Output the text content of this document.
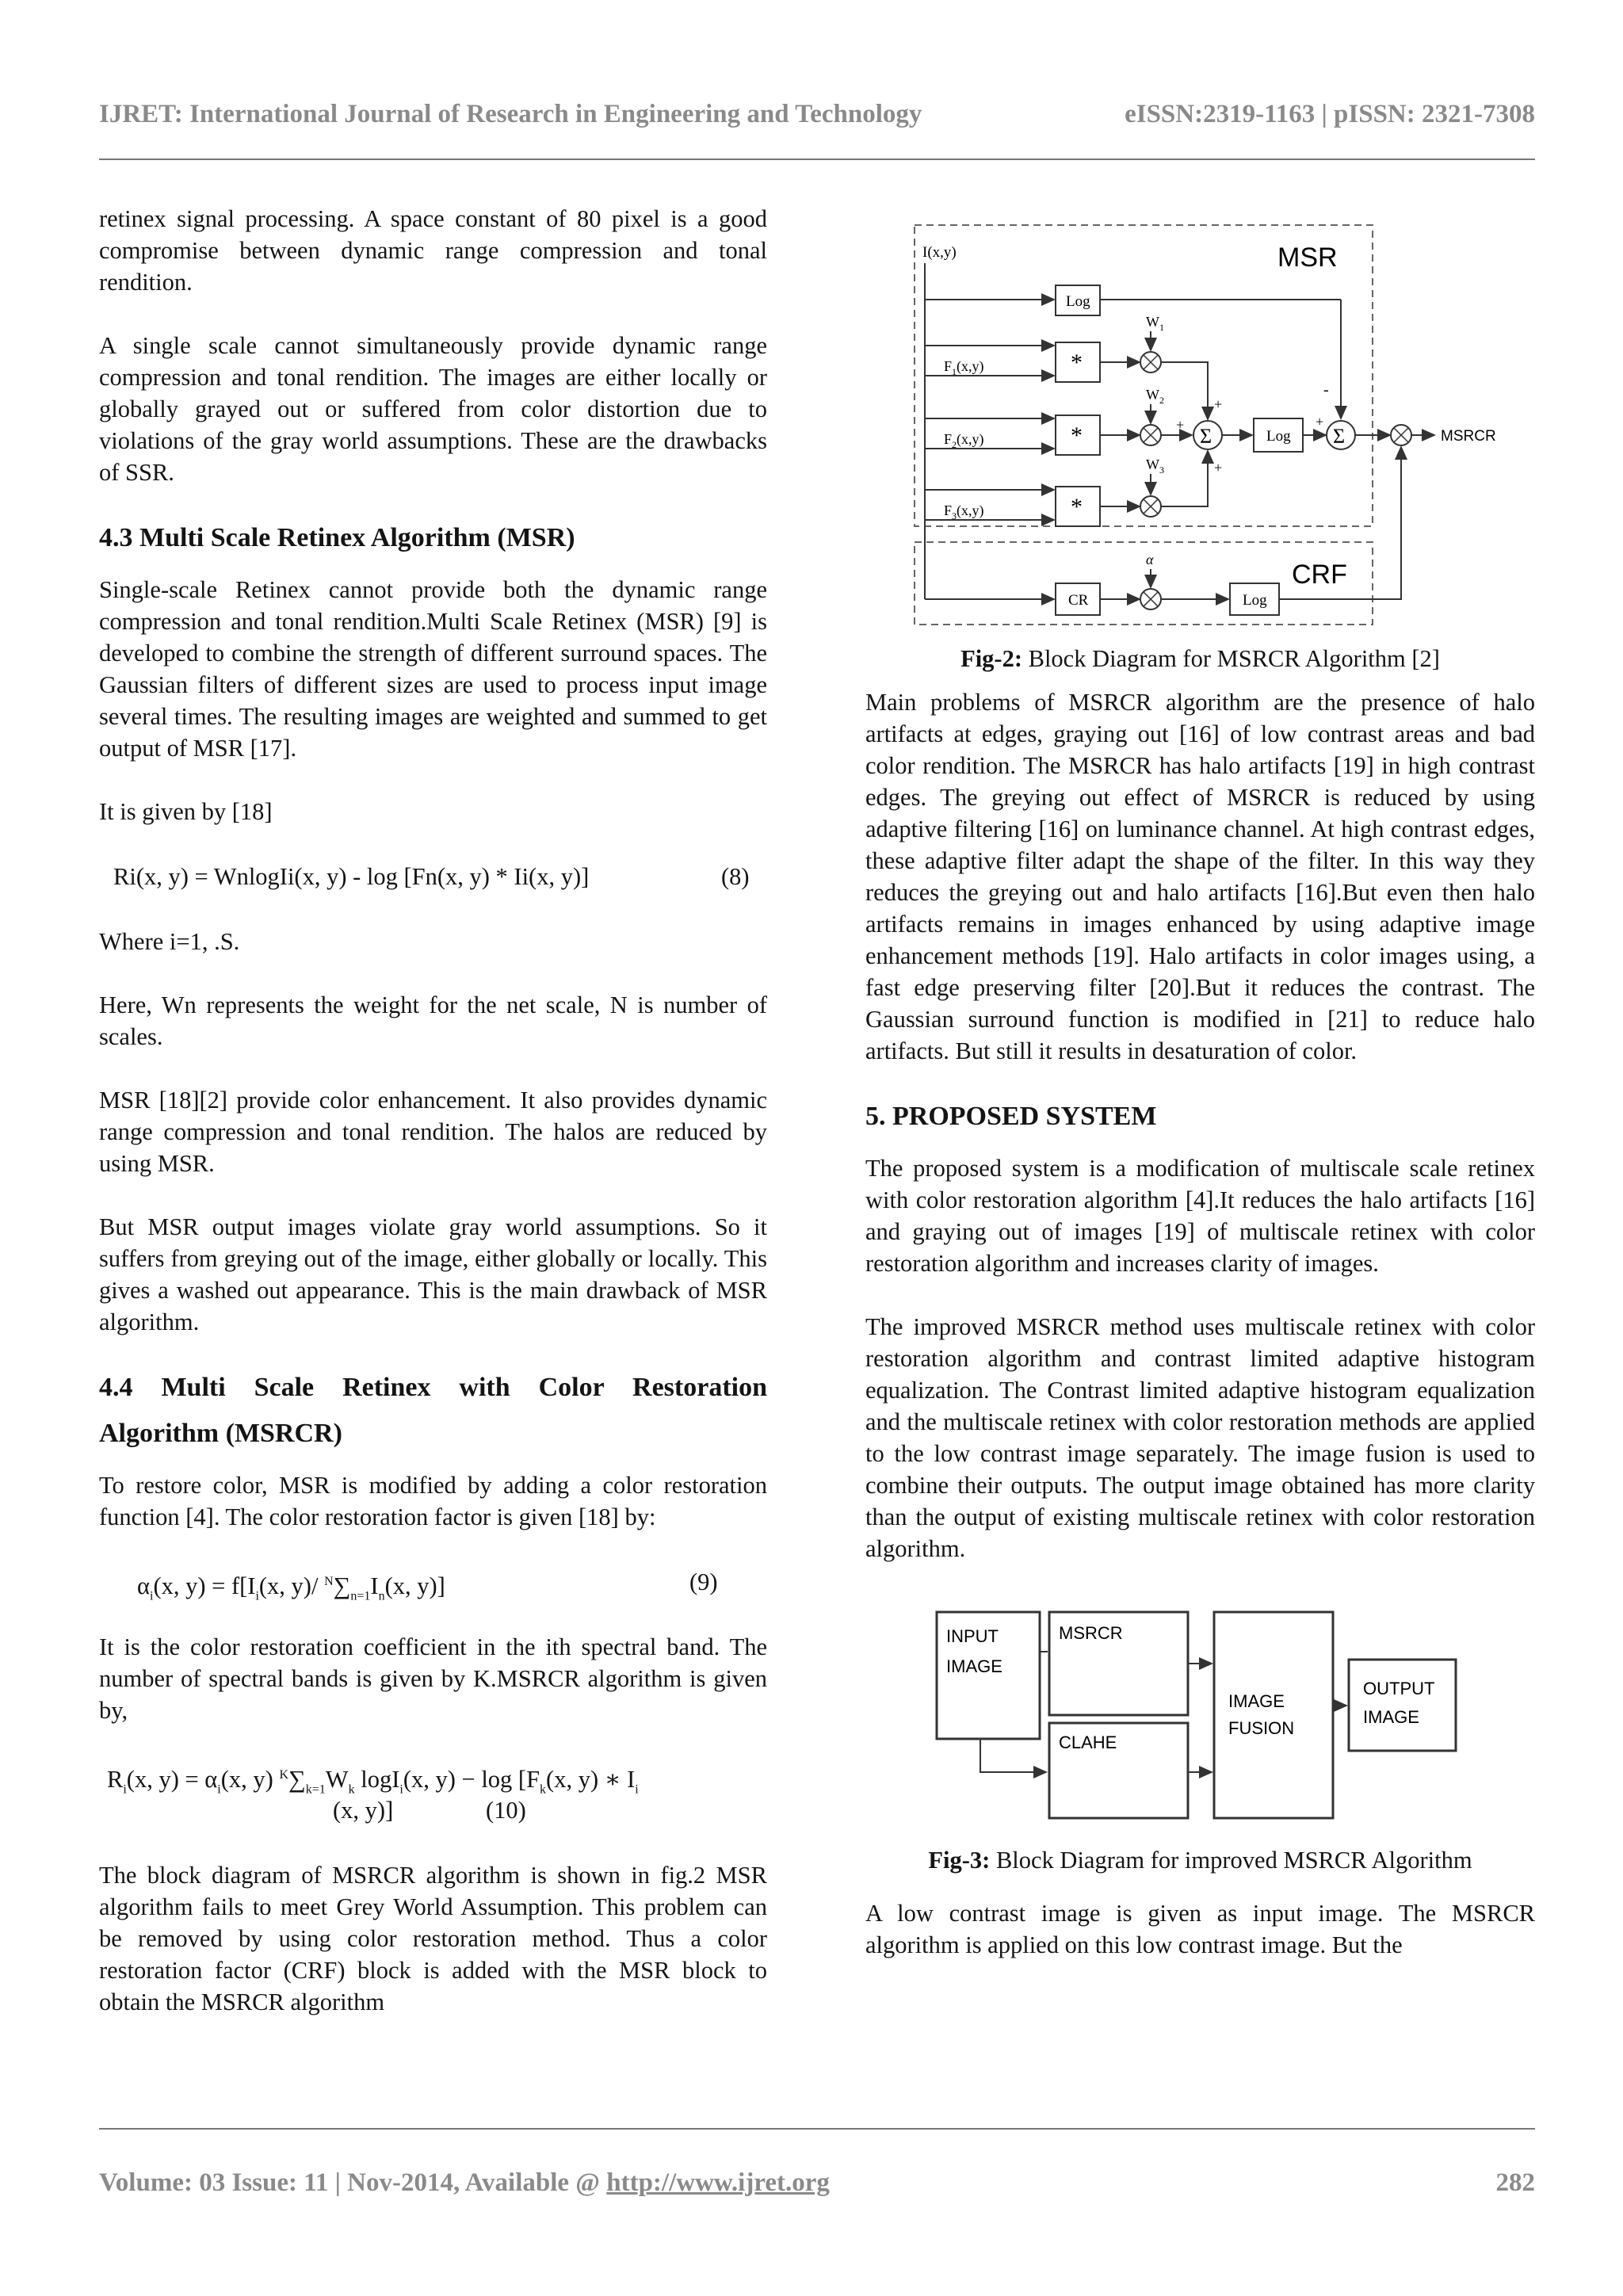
IJRET: International Journal of Research in Engineering and Technology	eISSN:2319-1163 | pISSN: 2321-7308

retinex signal processing. A space constant of 80 pixel is a good compromise between dynamic range compression and tonal rendition.

A single scale cannot simultaneously provide dynamic range compression and tonal rendition. The images are either locally or globally grayed out or suffered from color distortion due to violations of the gray world assumptions. These are the drawbacks of SSR.

4.3 Multi Scale Retinex Algorithm (MSR)

Single-scale Retinex cannot provide both the dynamic range compression and tonal rendition.Multi Scale Retinex (MSR) [9] is developed to combine the strength of different surround spaces. The Gaussian filters of different sizes are used to process input image several times. The resulting images are weighted and summed to get output of MSR [17].

It is given by [18]

Ri(x, y) = WnlogIi(x, y) - log [Fn(x, y) * Ii(x, y)]	(8)

Where i=1, .S.

Here, Wn represents the weight for the net scale, N is number of scales.

MSR [18][2] provide color enhancement. It also provides dynamic range compression and tonal rendition. The halos are reduced by using MSR.

But MSR output images violate gray world assumptions. So it suffers from greying out of the image, either globally or locally. This gives a washed out appearance. This is the main drawback of MSR algorithm.

4.4 Multi Scale Retinex with Color Restoration
Algorithm (MSRCR)

To restore color, MSR is modified by adding a color restoration function [4]. The color restoration factor is given [18] by:

$\alpha_i(x$, $y) = f[I_i(x$, y)/ $^N\sum_{n=1}I_n(x$, y)]	(9)

It is the color restoration coefficient in the ith spectral band. The number of spectral bands is given by K.MSRCR algorithm is given by,

$R_i(x$, $y) = \alpha_i(x$, y) $^K\sum_{k=1}W_k$ logI$_i$(x, $y) - \log [F_k(x$, y) ∗ $I_i$
(x, y)]	(10)

The block diagram of MSRCR algorithm is shown in fig.2 MSR algorithm fails to meet Grey World Assumption. This problem can be removed by using color restoration method. Thus a color restoration factor (CRF) block is added with the MSR block to obtain the MSRCR algorithm

MSR
CRF
I(x,y)
Log
$F_1(x,y)$	*
$F_2(x,y)$	*
$F_3(x,y)$	*
$W_1$
$W_2$
$W_3$
Σ
+
+
+
Log Σ
-
+
MSRCR
CR
α
Log
Fig-2: Block Diagram for MSRCR Algorithm [2]

Main problems of MSRCR algorithm are the presence of halo artifacts at edges, graying out [16] of low contrast areas and bad color rendition. The MSRCR has halo artifacts [19] in high contrast edges. The greying out effect of MSRCR is reduced by using adaptive filtering [16] on luminance channel. At high contrast edges, these adaptive filter adapt the shape of the filter. In this way they reduces the greying out and halo artifacts [16].But even then halo artifacts remains in images enhanced by using adaptive image enhancement methods [19]. Halo artifacts in color images using, a fast edge preserving filter [20].But it reduces the contrast. The Gaussian surround function is modified in [21] to reduce halo artifacts. But still it results in desaturation of color.

5. PROPOSED SYSTEM

The proposed system is a modification of multiscale scale retinex with color restoration algorithm [4].It reduces the halo artifacts [16] and graying out of images [19] of multiscale retinex with color restoration algorithm and increases clarity of images.

The improved MSRCR method uses multiscale retinex with color restoration algorithm and contrast limited adaptive histogram equalization. The Contrast limited adaptive histogram equalization and the multiscale retinex with color restoration methods are applied to the low contrast image separately. The image fusion is used to combine their outputs. The output image obtained has more clarity than the output of existing multiscale retinex with color restoration algorithm.

INPUT
IMAGE
MSRCR
CLAHE
IMAGE
FUSION
OUTPUT
IMAGE
Fig-3: Block Diagram for improved MSRCR Algorithm

A low contrast image is given as input image. The MSRCR algorithm is applied on this low contrast image. But the

Volume: 03 Issue: 11 | Nov-2014, Available @ http://www.ijret.org	282
